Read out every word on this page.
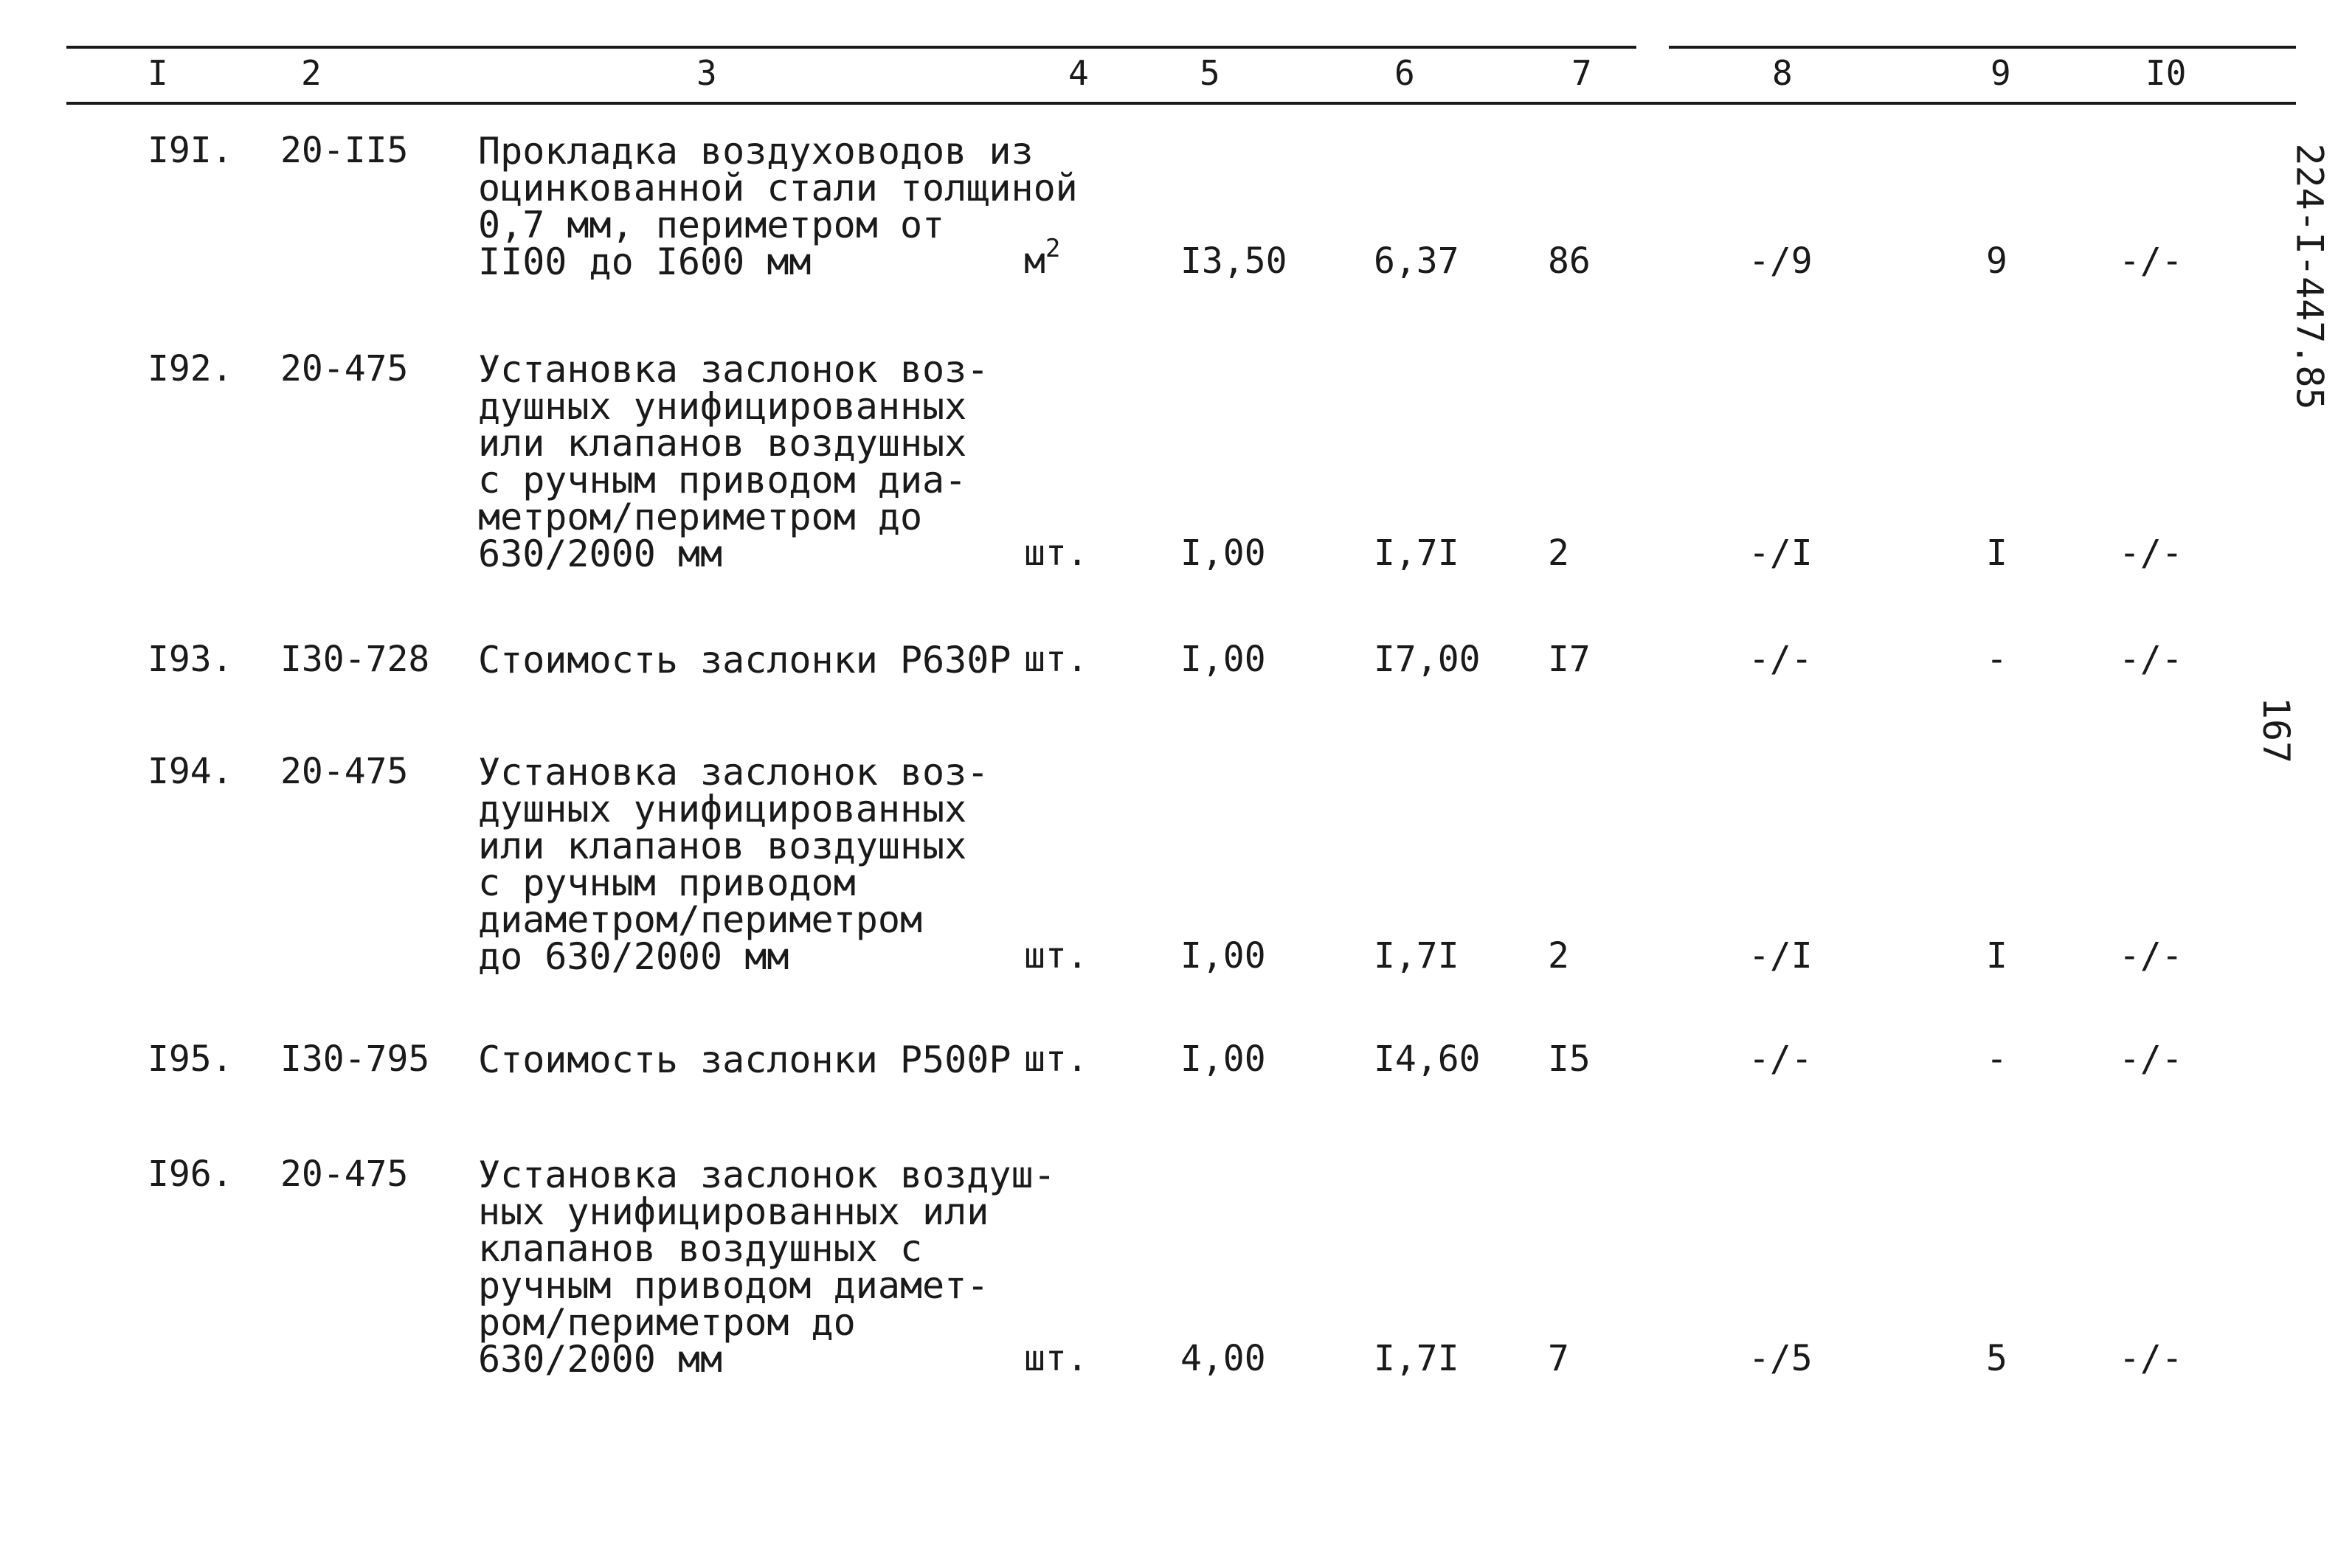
I	2	3	4	5	6	7	8	9	I0
224-I-447.85
167
I9I. 20-II5 Прокладка воздуховодов из
оцинкованной стали толщиной
0,7 мм, периметром от
II00 до I600 мм	$м^2$	I3,50 6,37	86	-/9	9	-/-
I92. 20-475 Установка заслонок воз-
душных унифицированных
или клапанов воздушных
с ручным приводом диа-
метром/периметром до
630/2000 мм	шт.	I,00	I,7I	2	-/I	I	-/-
I93. I30-728 Стоимость заслонки Р630Р шт.	I,00	I7,00 I7	-/-	-	-/-
I94. 20-475 Установка заслонок воз-
душных унифицированных
или клапанов воздушных
с ручным приводом
диаметром/периметром
до 630/2000 мм	шт.	I,00	I,7I	2	-/I	I	-/-
I95. I30-795 Стоимость заслонки Р500Р шт.	I,00	I4,60 I5	-/-	-	-/-
I96. 20-475 Установка заслонок воздуш-
ных унифицированных или
клапанов воздушных с
ручным приводом диамет-
ром/периметром до
630/2000 мм	шт.	4,00	I,7I	7	-/5	5	-/-
